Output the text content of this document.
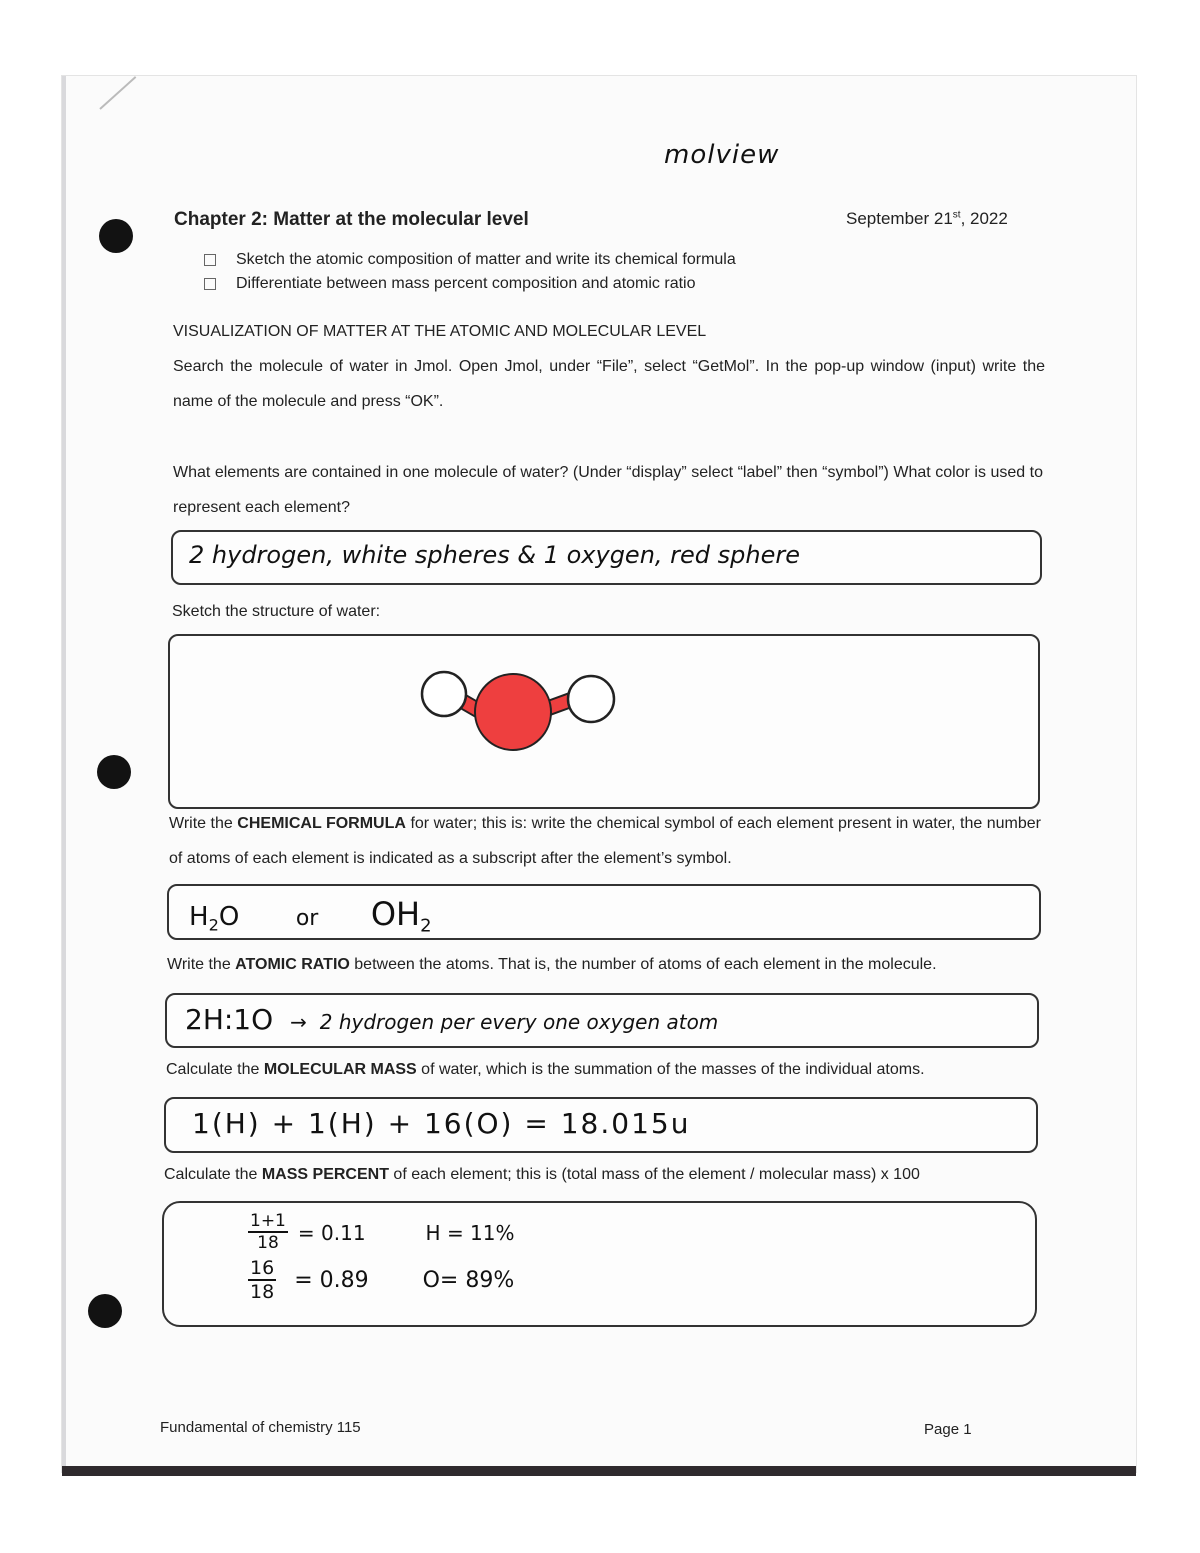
molview
Chapter 2: Matter at the molecular level	September 21st, 2022
Sketch the atomic composition of matter and write its chemical formula
Differentiate between mass percent composition and atomic ratio
VISUALIZATION OF MATTER AT THE ATOMIC AND MOLECULAR LEVEL
Search the molecule of water in Jmol. Open Jmol, under “File”, select “GetMol”. In the pop-up window (input) write the name of the molecule and press “OK”.
What elements are contained in one molecule of water? (Under “display” select “label” then “symbol”) What color is used to represent each element?
2 hydrogen, white spheres & 1 oxygen, red sphere
Sketch the structure of water:
Write the CHEMICAL FORMULA for water; this is: write the chemical symbol of each element present in water, the number of atoms of each element is indicated as a subscript after the element’s symbol.
$H_2O$	or $OH_2$
Write the ATOMIC RATIO between the atoms. That is, the number of atoms of each element in the molecule.
2H:1O → 2 hydrogen per every one oxygen atom
Calculate the MOLECULAR MASS of water, which is the summation of the masses of the individual atoms.
1(H) + 1(H) + 16(O) = 18.015u
Calculate the MASS PERCENT of each element; this is (total mass of the element / molecular mass) x 100
$\frac{1+1}{18} = 0.11$	H = 11%
$\frac{16}{18} = 0.89$ O= 89%
Fundamental of chemistry 115	Page 1
